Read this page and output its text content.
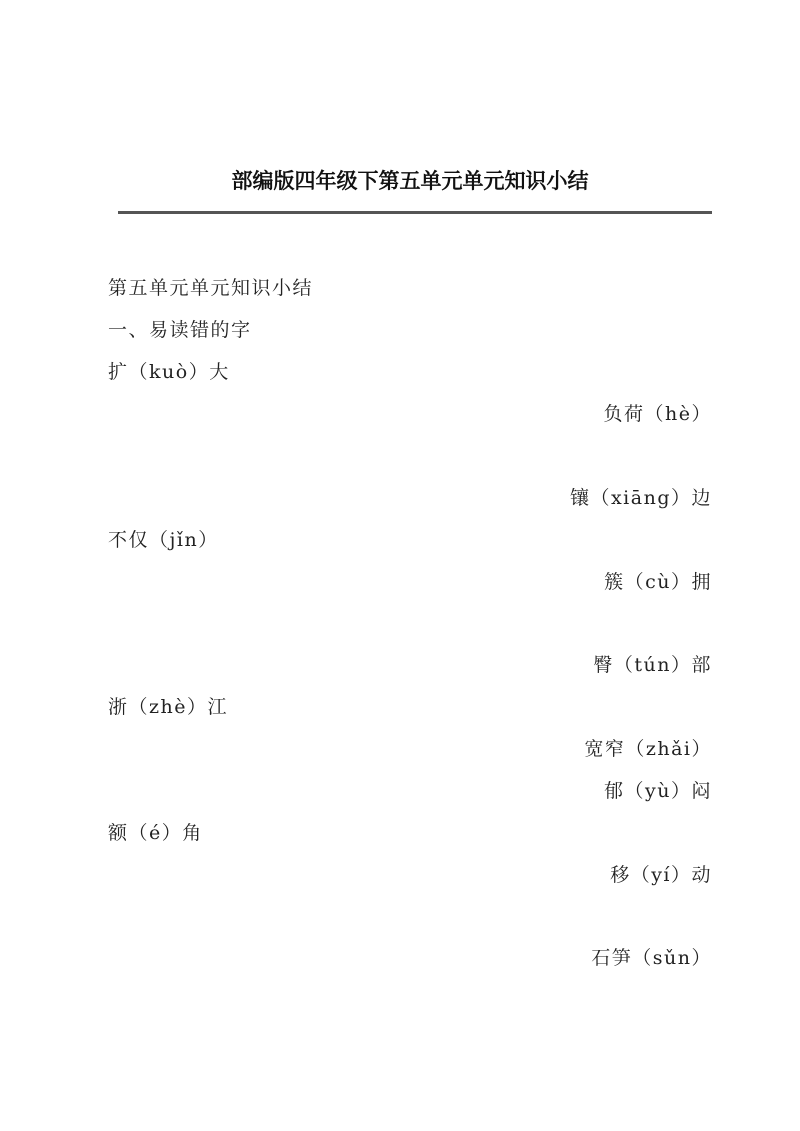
部编版四年级下第五单元单元知识小结
第五单元单元知识小结
一、易读错的字
扩（kuò）大
负荷（hè）
镶（xiāng）边
不仅（jǐn）
簇（cù）拥
臀（tún）部
浙（zhè）江
宽窄（zhǎi）
郁（yù）闷
额（é）角
移（yí）动
石笋（sǔn）
